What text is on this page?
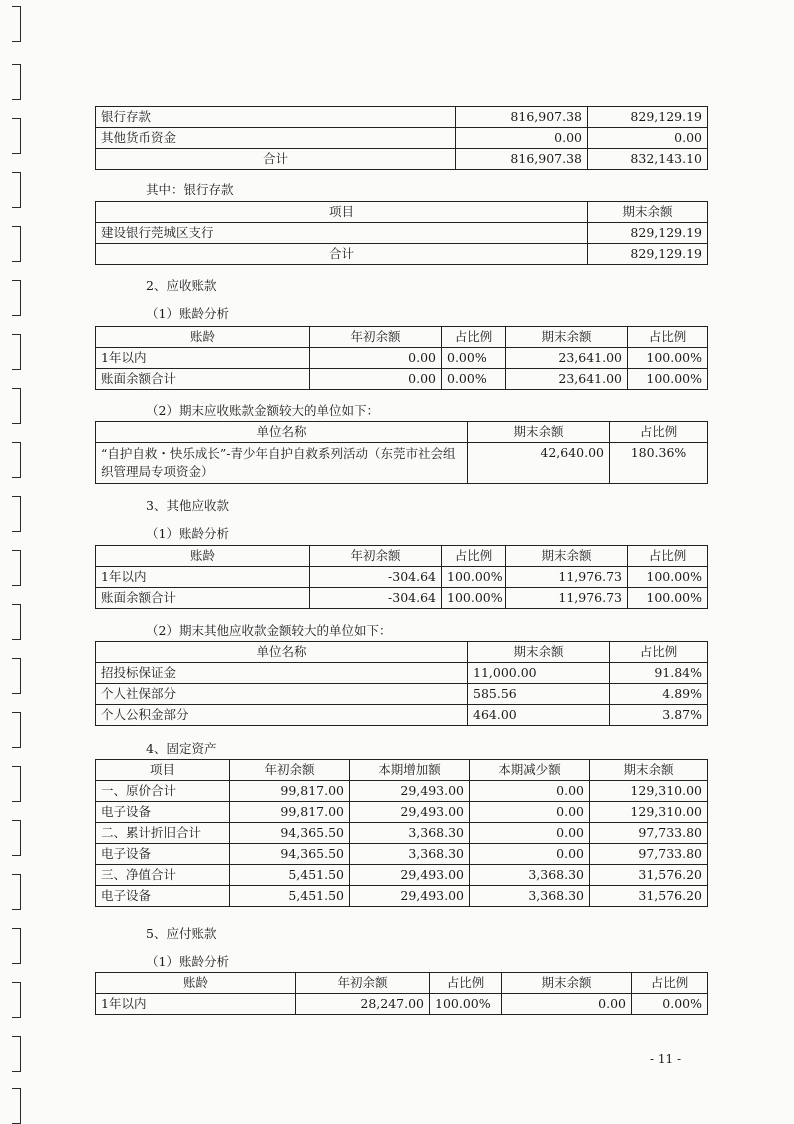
银行存款	816,907.38	829,129.19
其他货币资金	0.00	0.00
合计	816,907.38	832,143.10
其中：银行存款
项目	期末余额
建设银行莞城区支行	829,129.19
合计	829,129.19
2、应收账款
（1）账龄分析
账龄	年初余额	占比例	期末余额	占比例
1年以内	0.00	0.00%	23,641.00	100.00%
账面余额合计	0.00	0.00%	23,641.00	100.00%
（2）期末应收账款金额较大的单位如下：
单位名称	期末余额	占比例
“自护自救・快乐成长”-青少年自护自救系列活动（东莞市社会组织管理局专项资金）	42,640.00	180.36%
3、其他应收款
（1）账龄分析
账龄	年初余额	占比例	期末余额	占比例
1年以内	-304.64	100.00%	11,976.73	100.00%
账面余额合计	-304.64	100.00%	11,976.73	100.00%
（2）期末其他应收款金额较大的单位如下：
单位名称	期末余额	占比例
招投标保证金	11,000.00	91.84%
个人社保部分	585.56	4.89%
个人公积金部分	464.00	3.87%
4、固定资产
项目	年初余额	本期增加额	本期减少额	期末余额
一、原价合计	99,817.00	29,493.00	0.00	129,310.00
电子设备	99,817.00	29,493.00	0.00	129,310.00
二、累计折旧合计	94,365.50	3,368.30	0.00	97,733.80
电子设备	94,365.50	3,368.30	0.00	97,733.80
三、净值合计	5,451.50	29,493.00	3,368.30	31,576.20
电子设备	5,451.50	29,493.00	3,368.30	31,576.20
5、应付账款
（1）账龄分析
账龄	年初余额	占比例	期末余额	占比例
1年以内	28,247.00	100.00%	0.00	0.00%
- 11 -
